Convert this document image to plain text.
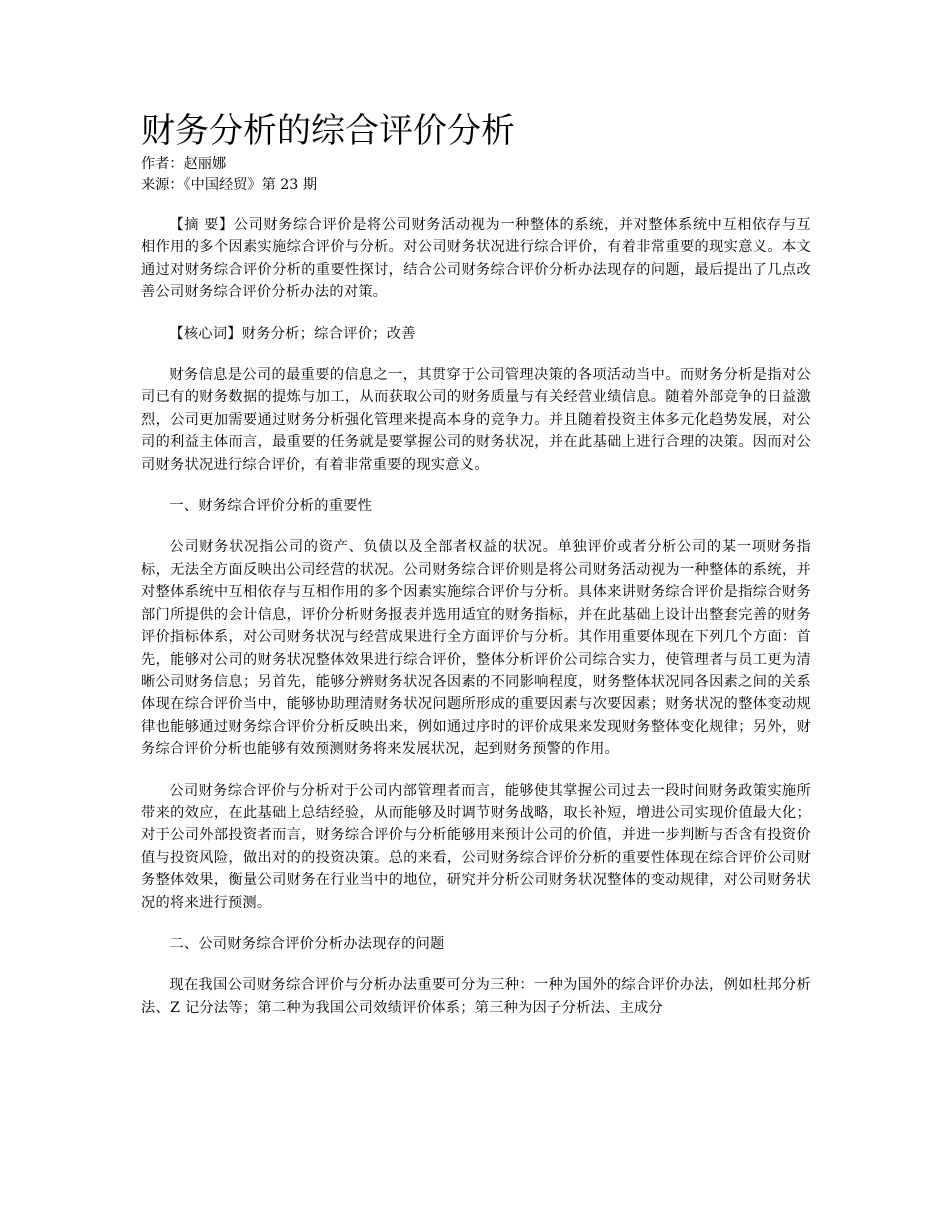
财务分析的综合评价分析

作者：赵丽娜

来源：《中国经贸》第 23 期

【摘 要】公司财务综合评价是将公司财务活动视为一种整体的系统，并对整体系统中互相依存与互相作用的多个因素实施综合评价与分析。对公司财务状况进行综合评价，有着非常重要的现实意义。本文通过对财务综合评价分析的重要性探讨，结合公司财务综合评价分析办法现存的问题，最后提出了几点改善公司财务综合评价分析办法的对策。

【核心词】财务分析；综合评价；改善

财务信息是公司的最重要的信息之一，其贯穿于公司管理决策的各项活动当中。而财务分析是指对公司已有的财务数据的提炼与加工，从而获取公司的财务质量与有关经营业绩信息。随着外部竞争的日益激烈，公司更加需要通过财务分析强化管理来提高本身的竞争力。并且随着投资主体多元化趋势发展，对公司的利益主体而言，最重要的任务就是要掌握公司的财务状况，并在此基础上进行合理的决策。因而对公司财务状况进行综合评价，有着非常重要的现实意义。

一、财务综合评价分析的重要性

公司财务状况指公司的资产、负债以及全部者权益的状况。单独评价或者分析公司的某一项财务指标，无法全方面反映出公司经营的状况。公司财务综合评价则是将公司财务活动视为一种整体的系统，并对整体系统中互相依存与互相作用的多个因素实施综合评价与分析。具体来讲财务综合评价是指综合财务部门所提供的会计信息，评价分析财务报表并选用适宜的财务指标，并在此基础上设计出整套完善的财务评价指标体系，对公司财务状况与经营成果进行全方面评价与分析。其作用重要体现在下列几个方面：首先，能够对公司的财务状况整体效果进行综合评价，整体分析评价公司综合实力，使管理者与员工更为清晰公司财务信息；另首先，能够分辨财务状况各因素的不同影响程度，财务整体状况同各因素之间的关系体现在综合评价当中，能够协助理清财务状况问题所形成的重要因素与次要因素；财务状况的整体变动规律也能够通过财务综合评价分析反映出来，例如通过序时的评价成果来发现财务整体变化规律；另外，财务综合评价分析也能够有效预测财务将来发展状况，起到财务预警的作用。

公司财务综合评价与分析对于公司内部管理者而言，能够使其掌握公司过去一段时间财务政策实施所带来的效应，在此基础上总结经验，从而能够及时调节财务战略，取长补短，增进公司实现价值最大化；对于公司外部投资者而言，财务综合评价与分析能够用来预计公司的价值，并进一步判断与否含有投资价值与投资风险，做出对的的投资决策。总的来看，公司财务综合评价分析的重要性体现在综合评价公司财务整体效果，衡量公司财务在行业当中的地位，研究并分析公司财务状况整体的变动规律，对公司财务状况的将来进行预测。

二、公司财务综合评价分析办法现存的问题

现在我国公司财务综合评价与分析办法重要可分为三种：一种为国外的综合评价办法，例如杜邦分析法、Z 记分法等；第二种为我国公司效绩评价体系；第三种为因子分析法、主成分
